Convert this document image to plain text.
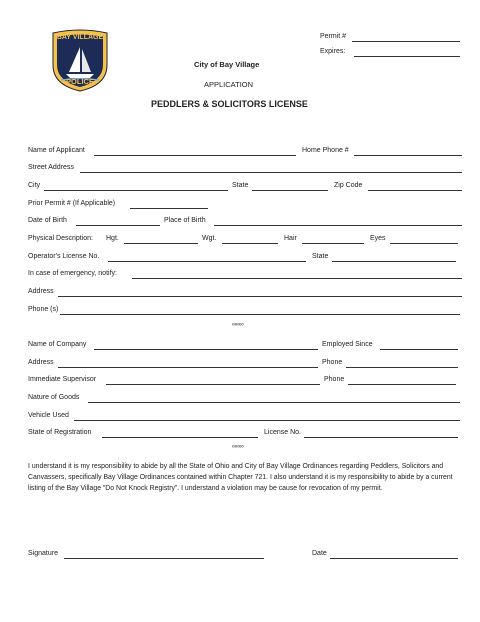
BAY VILLAGE
POLICE
Permit #
Expires:
City of Bay Village
APPLICATION
PEDDLERS & SOLICITORS LICENSE
Name of Applicant	Home Phone #
Street Address
City	State	Zip Code
Prior Permit # (If Applicable)
Date of Birth	Place of Birth
Physical Description: Hgt.	Wgt.	Hair	Eyes
Operator's License No.	State
In case of emergency, notify:
Address
Phone (s)
∞∞∞
Name of Company	Employed Since
Address	Phone
Immediate Supervisor	Phone
Nature of Goods
Vehicle Used
State of Registration	License No.
∞∞∞
I understand it is my responsibility to abide by all the State of Ohio and City of Bay Village Ordinances regarding Peddlers, Solicitors and Canvassers, specifically Bay Village Ordinances contained within Chapter 721. I also understand it is my responsibility to abide by a current listing of the Bay Village “Do Not Knock Registry”. I understand a violation may be cause for revocation of my permit.
Signature	Date
